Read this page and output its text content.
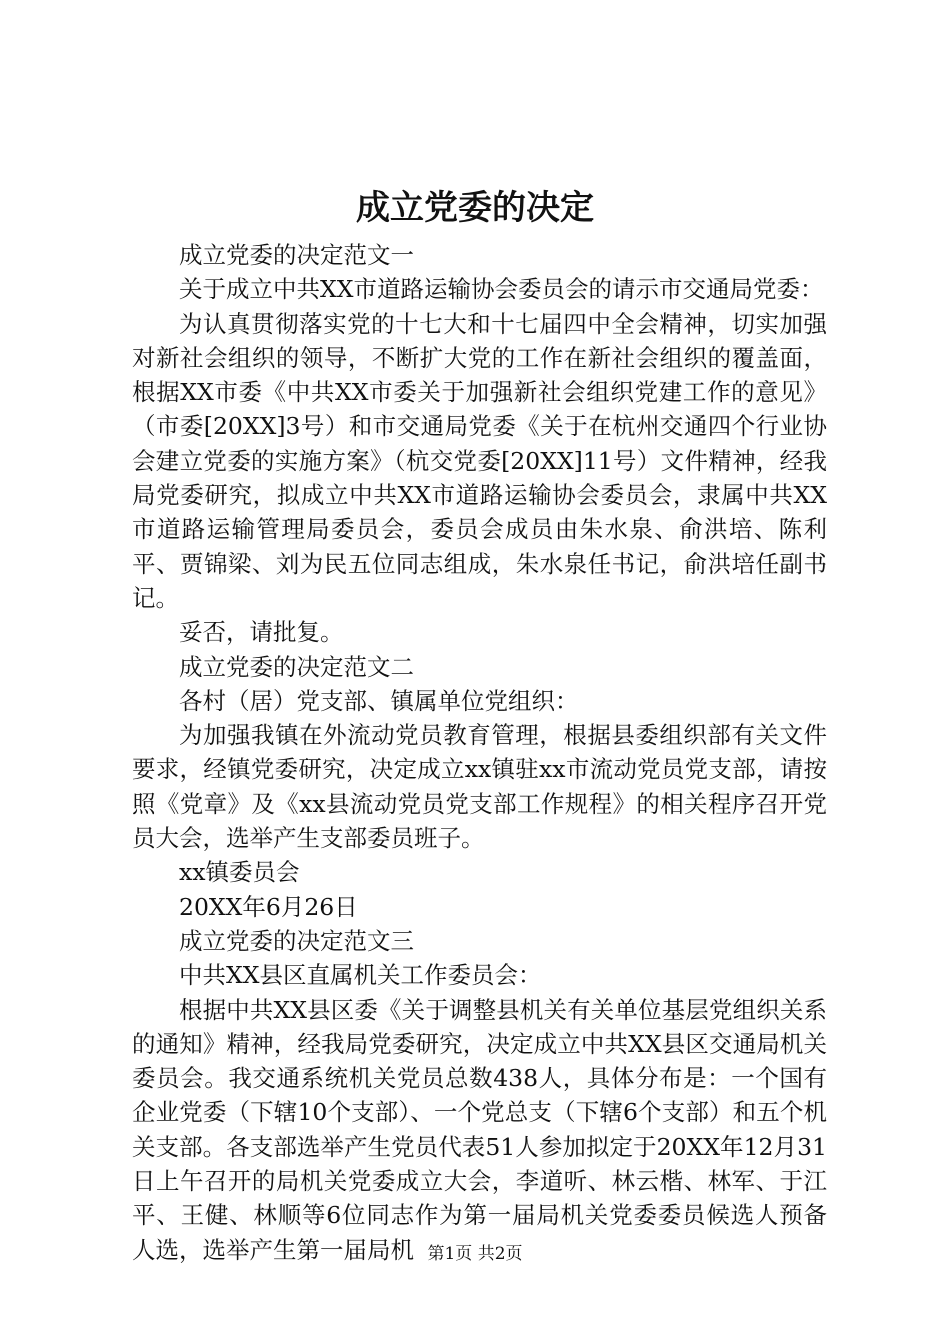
成立党委的决定

成立党委的决定范文一

关于成立中共XX市道路运输协会委员会的请示市交通局党委：

为认真贯彻落实党的十七大和十七届四中全会精神，切实加强对新社会组织的领导，不断扩大党的工作在新社会组织的覆盖面，根据XX市委《中共XX市委关于加强新社会组织党建工作的意见》（市委[20XX]3号）和市交通局党委《关于在杭州交通四个行业协会建立党委的实施方案》（杭交党委[20XX]11号）文件精神，经我局党委研究，拟成立中共XX市道路运输协会委员会，隶属中共XX市道路运输管理局委员会，委员会成员由朱水泉、俞洪培、陈利平、贾锦梁、刘为民五位同志组成，朱水泉任书记，俞洪培任副书记。

妥否，请批复。

成立党委的决定范文二

各村（居）党支部、镇属单位党组织：

为加强我镇在外流动党员教育管理，根据县委组织部有关文件要求，经镇党委研究，决定成立xx镇驻xx市流动党员党支部，请按照《党章》及《xx县流动党员党支部工作规程》的相关程序召开党员大会，选举产生支部委员班子。

xx镇委员会

20XX年6月26日

成立党委的决定范文三

中共XX县区直属机关工作委员会：

根据中共XX县区委《关于调整县机关有关单位基层党组织关系的通知》精神，经我局党委研究，决定成立中共XX县区交通局机关委员会。我交通系统机关党员总数438人，具体分布是：一个国有企业党委（下辖10个支部）、一个党总支（下辖6个支部）和五个机关支部。各支部选举产生党员代表51人参加拟定于20XX年12月31日上午召开的局机关党委成立大会，李道听、林云楷、林军、于江平、王健、林顺等6位同志作为第一届局机关党委委员候选人预备人选，选举产生第一届局机 第1页 共2页
